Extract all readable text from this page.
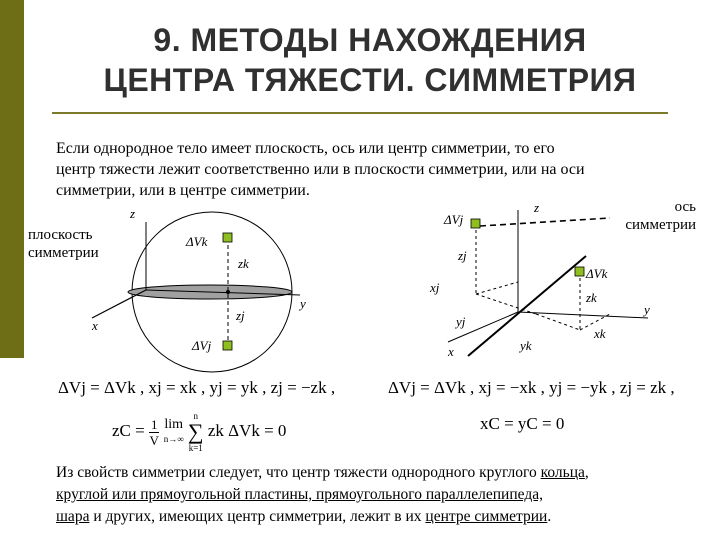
9. МЕТОДЫ НАХОЖДЕНИЯ
ЦЕНТРА ТЯЖЕСТИ. СИММЕТРИЯ
Если однородное тело имеет плоскость, ось или центр симметрии, то его
центр тяжести лежит соответственно или в плоскости симметрии, или на оси
симметрии, или в центре симметрии.
плоскость
симметрии
ось
симметрии
z
y
x
ΔVk
ΔVj
zk
zj
z
y
x
ΔVj
ΔVk
zj
zk
xj
yj
yk
xk
ΔVj = ΔVk , xj = xk , yj = yk , zj = −zk ,
zC = $\frac{1}{V}$
lim
n→∞

n
∑
k=1
zk ΔVk = 0
ΔVj = ΔVk , xj = −xk , yj = −yk , zj = zk ,
xC = yC = 0
Из свойств симметрии следует, что центр тяжести однородного круглого кольца,
круглой или прямоугольной пластины, прямоугольного параллелепипеда,
шара и других, имеющих центр симметрии, лежит в их центре симметрии.
